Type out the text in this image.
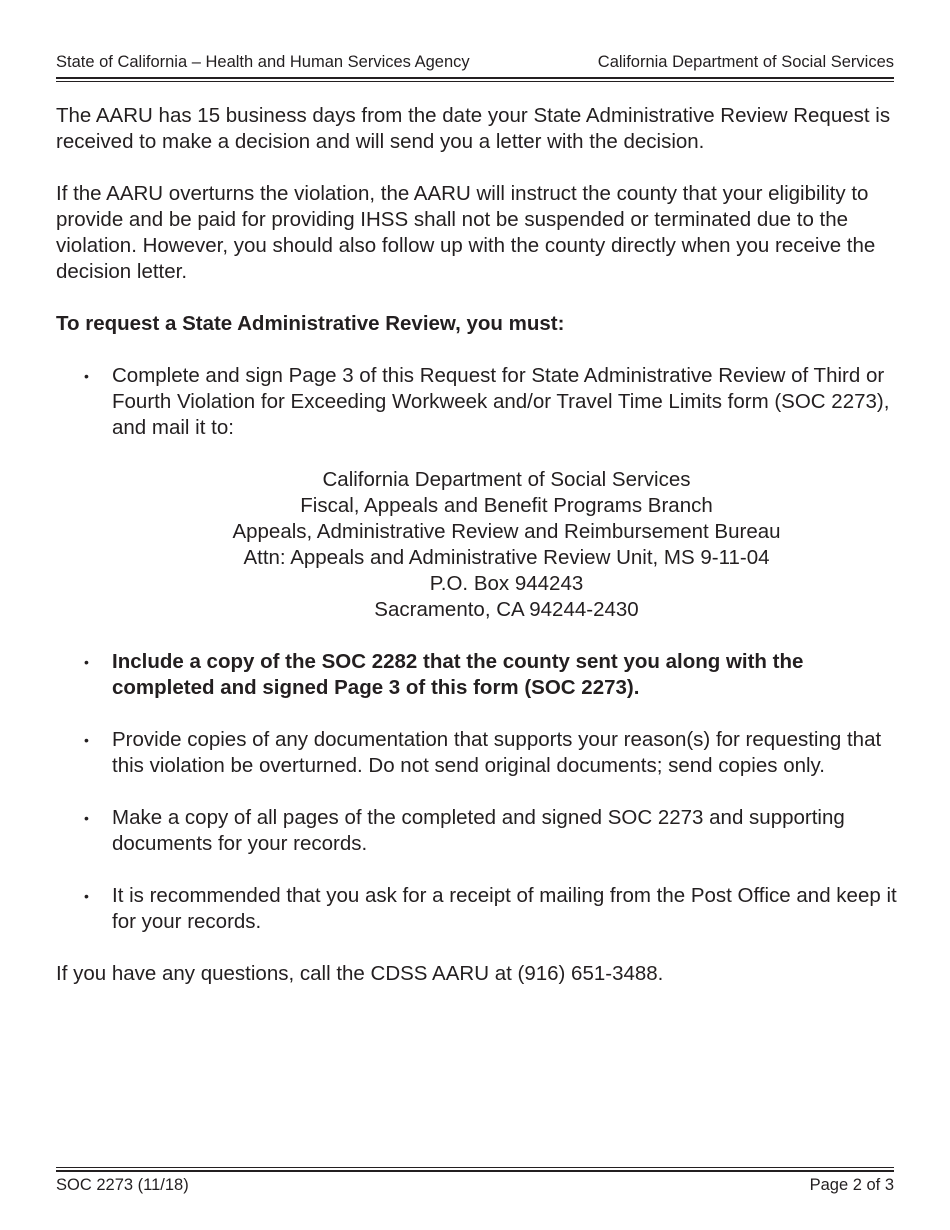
State of California – Health and Human Services Agency	California Department of Social Services

The AARU has 15 business days from the date your State Administrative Review Request is received to make a decision and will send you a letter with the decision.

If the AARU overturns the violation, the AARU will instruct the county that your eligibility to provide and be paid for providing IHSS shall not be suspended or terminated due to the violation. However, you should also follow up with the county directly when you receive the decision letter.

To request a State Administrative Review, you must:

• Complete and sign Page 3 of this Request for State Administrative Review of Third or Fourth Violation for Exceeding Workweek and/or Travel Time Limits form (SOC 2273), and mail it to:
California Department of Social Services
Fiscal, Appeals and Benefit Programs Branch
Appeals, Administrative Review and Reimbursement Bureau
Attn: Appeals and Administrative Review Unit, MS 9-11-04
P.O. Box 944243
Sacramento, CA 94244-2430
• Include a copy of the SOC 2282 that the county sent you along with the completed and signed Page 3 of this form (SOC 2273).
• Provide copies of any documentation that supports your reason(s) for requesting that this violation be overturned. Do not send original documents; send copies only.
• Make a copy of all pages of the completed and signed SOC 2273 and supporting documents for your records.
• It is recommended that you ask for a receipt of mailing from the Post Office and keep it for your records.

If you have any questions, call the CDSS AARU at (916) 651-3488.

SOC 2273 (11/18)	Page 2 of 3
